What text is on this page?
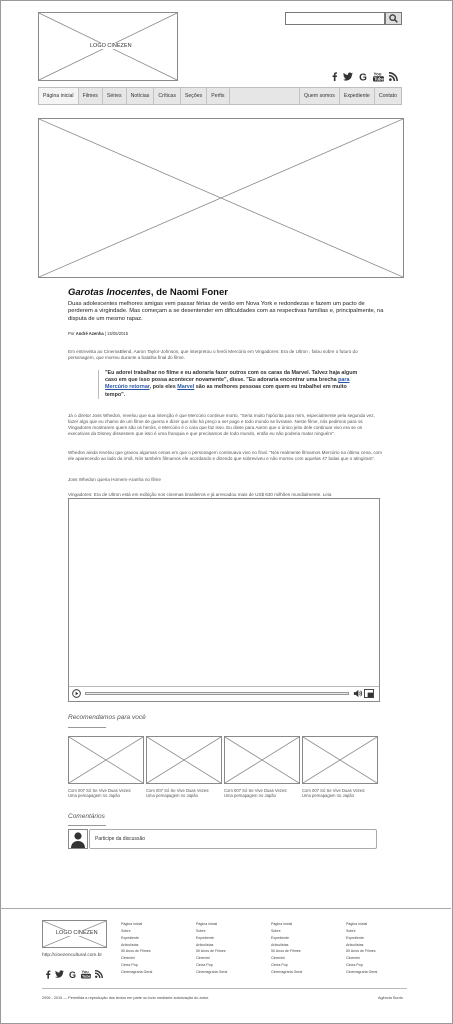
LOGO CINEZEN
G You
Tube
Página inicial	Filmes	Séries	Notícias	Críticas	Seções	Perfis	Quem somos	Expediente	Contato
Garotas Inocentes, de Naomi Foner
Duas adolescentes melhores amigas vem passar férias de verão em Nova York e redondezas e fazem um pacto de perderem a virgindade. Mas começam a se desentender em dificuldades com as respectivas famílias e, principalmente, na disputa de um mesmo rapaz.
Por André Azenha | 15/05/2015
Em entrevista ao CinemaBlend, Aaron Taylor-Johnson, que interpretou o herói Mercúrio em Vingadores: Era de Ultron , falou sobre o futuro do personagem, que morreu durante a batalha final do filme.
"Eu adorei trabalhar no filme e eu adoraria fazer outros com os caras da Marvel. Talvez haja algum caso em que isso possa acontecer novamente", disse. "Eu adoraria encontrar uma brecha para Mercúrio retornar, pois eles Marvel são as melhores pessoas com quem eu trabalhei em muito tempo".
Já o diretor Joss Whedon, revelou que sua intenção é que Mercúrio continue morto. "Seria muito hipócrita para mim, especialmente pela segunda vez, fazer algo que eu chamo de um filme de guerra e dizer que não há preço a ser pago e todo mundo se livrasse. Neste filme, nós pedimos para os Vingadores mostrarem quem são os heróis, e Mercúrio é o cara que faz isso. Eu disse para Aaron que o único jeito dele continuar vivo era se os executivos da Disney dissessem que isso é uma franquia e que precisamos de todo mundo, então eu não poderia matar ninguém".
Whedon ainda revelou que gravou algumas cenas em que o personagem continuava vivo no final. "Nós realmente filmamos Mercúrio na última cena, com ele aparecendo ao lado da irmã. Nós também filmamos ele acordando e dizendo que sobreviveu e não morreu com aquelas 47 balas que o atingiram".
Joss Whedon queria Homem-Aranha no filme
Vingadores: Era de Ultron está em exibição nos cinemas brasileiros e já arrecadou mais de US$ 630 milhões mundialmente. Leia
Recomendamos para você
Com 007 Só Se Vive Duas Vezes:
Uma pernapagem no Japão
Com 007 Só Se Vive Duas Vezes:
Uma pernapagem no Japão
Com 007 Só Se Vive Duas Vezes:
Uma pernapagem no Japão
Com 007 Só Se Vive Duas Vezes:
Uma pernapagem no Japão
Comentários
Participe da discussão
LOGO CINEZEN
http://cinezencultural.com.br
G You
Tube
Página inicial
Sobre
Expediente
Articulistas
50 Anos de Filmes
Cinemini
Cinea Pop
Cinemagraria Geral
Página inicial
Sobre
Expediente
Articulistas
50 Anos de Filmes
Cinemini
Cinea Pop
Cinemagraria Geral
Página inicial
Sobre
Expediente
Articulistas
50 Anos de Filmes
Cinemini
Cinea Pop
Cinemagraria Geral
Página inicial
Sobre
Expediente
Articulistas
50 Anos de Filmes
Cinemini
Cinea Pop
Cinemagraria Geral
2006 - 2015 — Permitida a reprodução dos textos em parte ou todo mediante autorização do autor.	Agência Surdo
